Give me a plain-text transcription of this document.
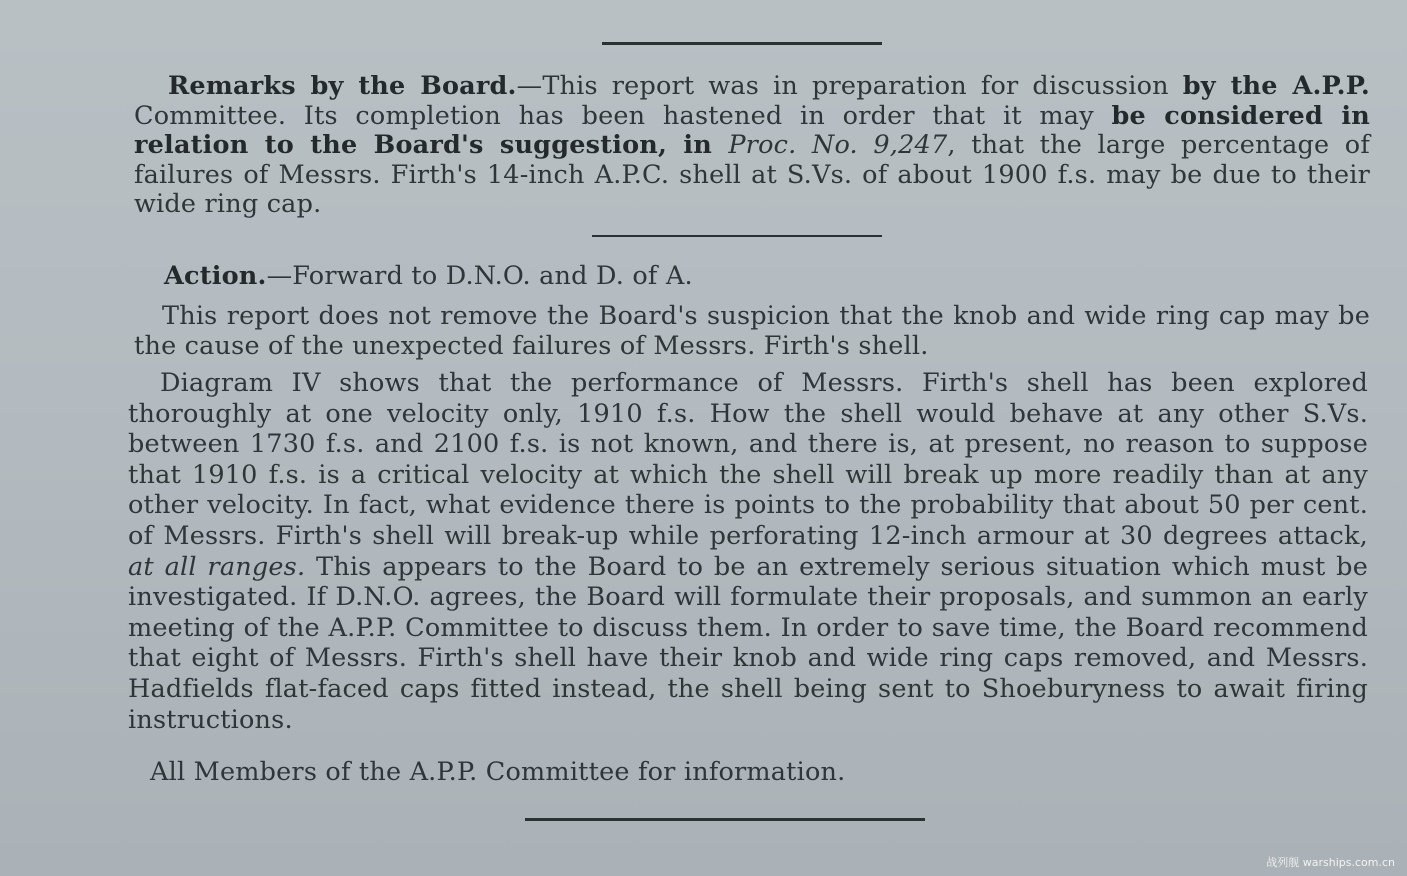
Remarks by the Board.—This report was in preparation for discussion by the A.P.P. Committee. Its completion has been hastened in order that it may be considered in relation to the Board's suggestion, in Proc. No. 9,247, that the large percentage of failures of Messrs. Firth's 14-inch A.P.C. shell at S.Vs. of about 1900 f.s. may be due to their wide ring cap.
Action.—Forward to D.N.O. and D. of A.
This report does not remove the Board's suspicion that the knob and wide ring cap may be the cause of the unexpected failures of Messrs. Firth's shell.
Diagram IV shows that the performance of Messrs. Firth's shell has been explored thoroughly at one velocity only, 1910 f.s. How the shell would behave at any other S.Vs. between 1730 f.s. and 2100 f.s. is not known, and there is, at present, no reason to suppose that 1910 f.s. is a critical velocity at which the shell will break up more readily than at any other velocity. In fact, what evidence there is points to the probability that about 50 per cent. of Messrs. Firth's shell will break-up while perforating 12-inch armour at 30 degrees attack, at all ranges. This appears to the Board to be an extremely serious situation which must be investigated. If D.N.O. agrees, the Board will formulate their proposals, and summon an early meeting of the A.P.P. Committee to discuss them. In order to save time, the Board recommend that eight of Messrs. Firth's shell have their knob and wide ring caps removed, and Messrs. Hadfields flat-faced caps fitted instead, the shell being sent to Shoeburyness to await firing instructions.
All Members of the A.P.P. Committee for information.
战列舰 warships.com.cn
